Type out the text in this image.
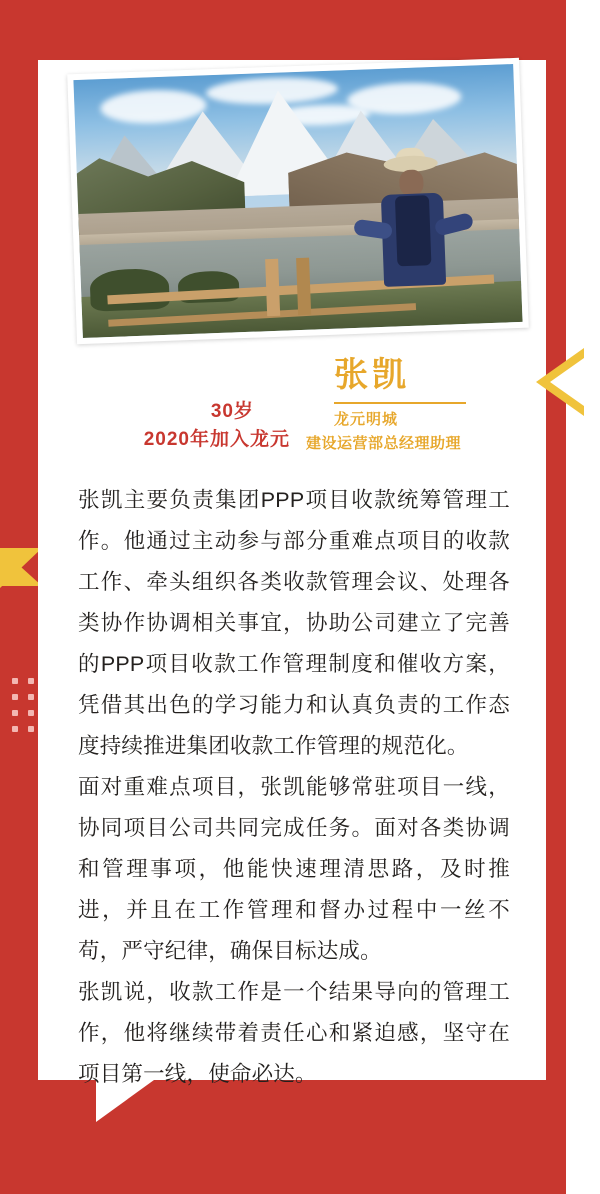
张凯
龙元明城
建设运营部总经理助理
30岁
2020年加入龙元

张凯主要负责集团PPP项目收款统筹管理工作。他通过主动参与部分重难点项目的收款工作、牵头组织各类收款管理会议、处理各类协作协调相关事宜，协助公司建立了完善的PPP项目收款工作管理制度和催收方案，凭借其出色的学习能力和认真负责的工作态度持续推进集团收款工作管理的规范化。

面对重难点项目，张凯能够常驻项目一线，协同项目公司共同完成任务。面对各类协调和管理事项，他能快速理清思路，及时推进，并且在工作管理和督办过程中一丝不苟，严守纪律，确保目标达成。

张凯说，收款工作是一个结果导向的管理工作，他将继续带着责任心和紧迫感，坚守在项目第一线，使命必达。
